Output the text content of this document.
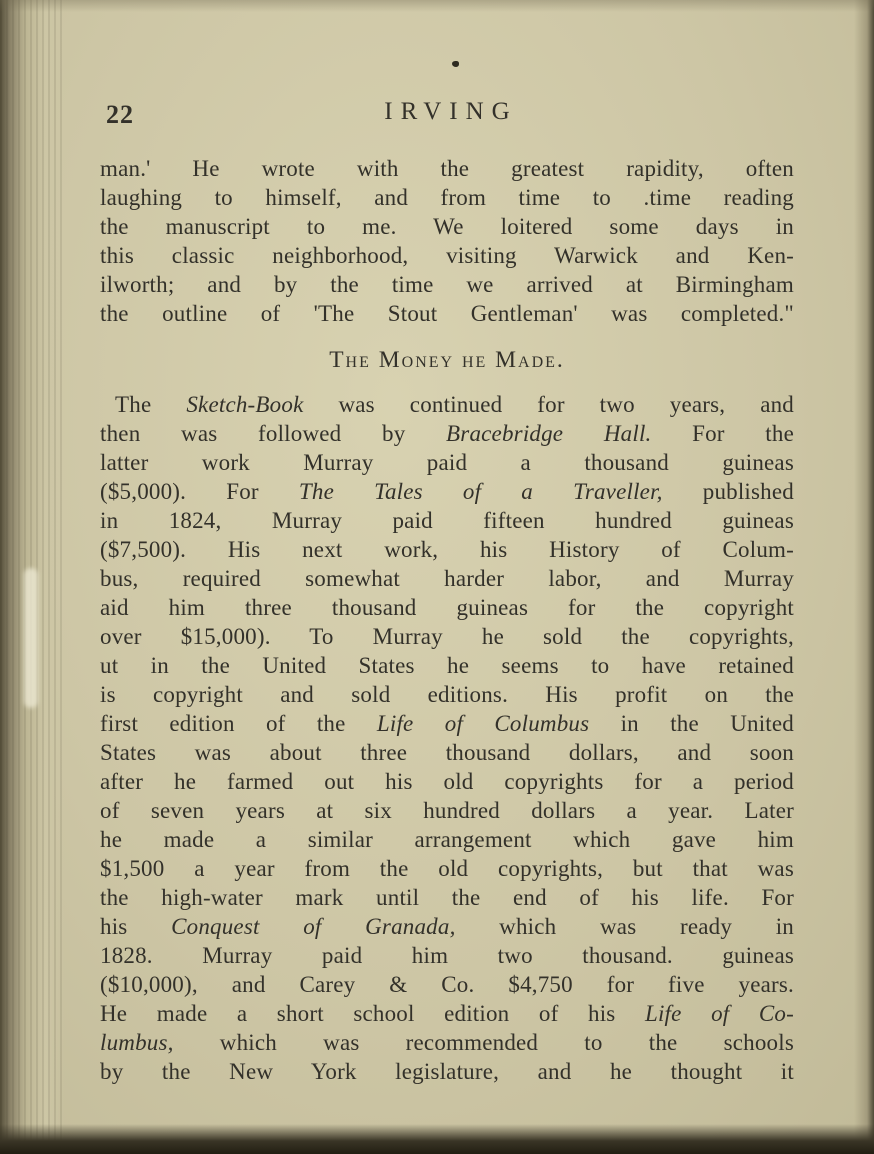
22	IRVING
man.' He wrote with the greatest rapidity, often
laughing to himself, and from time to .time reading
the manuscript to me. We loitered some days in
this classic neighborhood, visiting Warwick and Ken-
ilworth; and by the time we arrived at Birmingham
the outline of 'The Stout Gentleman' was completed."
The Money he Made.
The Sketch-Book was continued for two years, and
then was followed by Bracebridge Hall. For the
latter work Murray paid a thousand guineas
($5,000). For The Tales of a Traveller, published
in 1824, Murray paid fifteen hundred guineas
($7,500). His next work, his History of Colum-
bus, required somewhat harder labor, and Murray
aid him three thousand guineas for the copyright
over $15,000). To Murray he sold the copyrights,
ut in the United States he seems to have retained
is copyright and sold editions. His profit on the
first edition of the Life of Columbus in the United
States was about three thousand dollars, and soon
after he farmed out his old copyrights for a period
of seven years at six hundred dollars a year. Later
he made a similar arrangement which gave him
$1,500 a year from the old copyrights, but that was
the high-water mark until the end of his life. For
his Conquest of Granada, which was ready in
1828. Murray paid him two thousand. guineas
($10,000), and Carey & Co. $4,750 for five years.
He made a short school edition of his Life of Co-
lumbus, which was recommended to the schools
by the New York legislature, and he thought it
